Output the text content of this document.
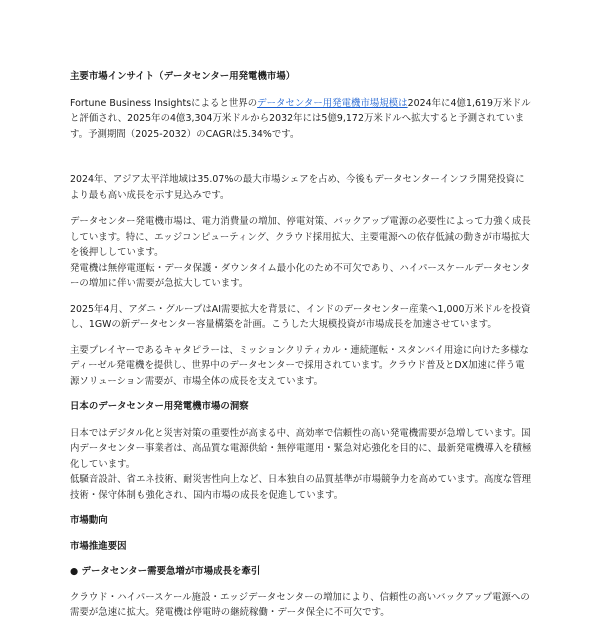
主要市場インサイト（データセンター用発電機市場）

Fortune Business Insightsによると世界のデータセンター用発電機市場規模は2024年に4億1,619万米ドルと評価され、2025年の4億3,304万米ドルから2032年には5億9,172万米ドルへ拡大すると予測されています。予測期間（2025-2032）のCAGRは5.34%です。

2024年、アジア太平洋地域は35.07%の最大市場シェアを占め、今後もデータセンターインフラ開発投資により最も高い成長を示す見込みです。

データセンター発電機市場は、電力消費量の増加、停電対策、バックアップ電源の必要性によって力強く成長しています。特に、エッジコンピューティング、クラウド採用拡大、主要電源への依存低減の動きが市場拡大を後押ししています。

発電機は無停電運転・データ保護・ダウンタイム最小化のため不可欠であり、ハイパースケールデータセンターの増加に伴い需要が急拡大しています。

2025年4月、アダニ・グループはAI需要拡大を背景に、インドのデータセンター産業へ1,000万米ドルを投資し、1GWの新データセンター容量構築を計画。こうした大規模投資が市場成長を加速させています。

主要プレイヤーであるキャタピラーは、ミッションクリティカル・連続運転・スタンバイ用途に向けた多様なディーゼル発電機を提供し、世界中のデータセンターで採用されています。クラウド普及とDX加速に伴う電源ソリューション需要が、市場全体の成長を支えています。

日本のデータセンター用発電機市場の洞察

日本ではデジタル化と災害対策の重要性が高まる中、高効率で信頼性の高い発電機需要が急増しています。国内データセンター事業者は、高品質な電源供給・無停電運用・緊急対応強化を目的に、最新発電機導入を積極化しています。

低騒音設計、省エネ技術、耐災害性向上など、日本独自の品質基準が市場競争力を高めています。高度な管理技術・保守体制も強化され、国内市場の成長を促進しています。

市場動向

市場推進要因

● データセンター需要急増が市場成長を牽引

クラウド・ハイパースケール施設・エッジデータセンターの増加により、信頼性の高いバックアップ電源への需要が急速に拡大。発電機は停電時の継続稼働・データ保全に不可欠です。
